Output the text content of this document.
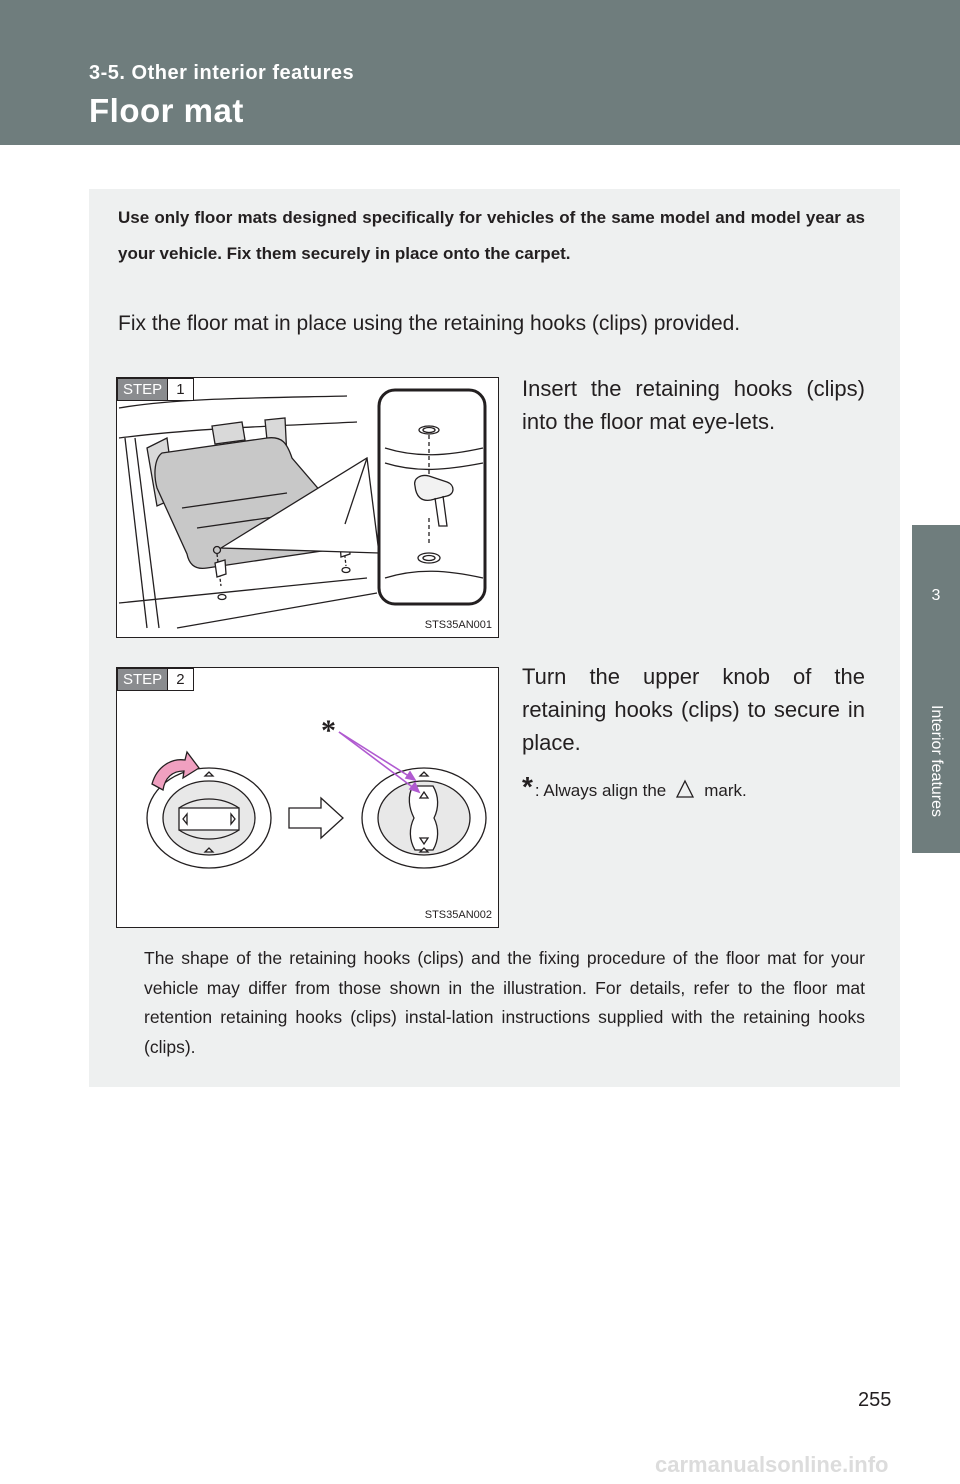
3-5. Other interior features
Floor mat
3
Interior features
Use only floor mats designed specifically for vehicles of the same model and model year as your vehicle. Fix them securely in place onto the carpet.
Fix the floor mat in place using the retaining hooks (clips) provided.
STEP 1
STS35AN001
Insert the retaining hooks (clips) into the floor mat eye-lets.
*
STEP 2
STS35AN002
Turn the upper knob of the retaining hooks (clips) to secure in place.
* : Always align the mark.
The shape of the retaining hooks (clips) and the fixing procedure of the floor mat for your vehicle may differ from those shown in the illustration. For details, refer to the floor mat retention retaining hooks (clips) instal-lation instructions supplied with the retaining hooks (clips).
255
carmanualsonline.info
